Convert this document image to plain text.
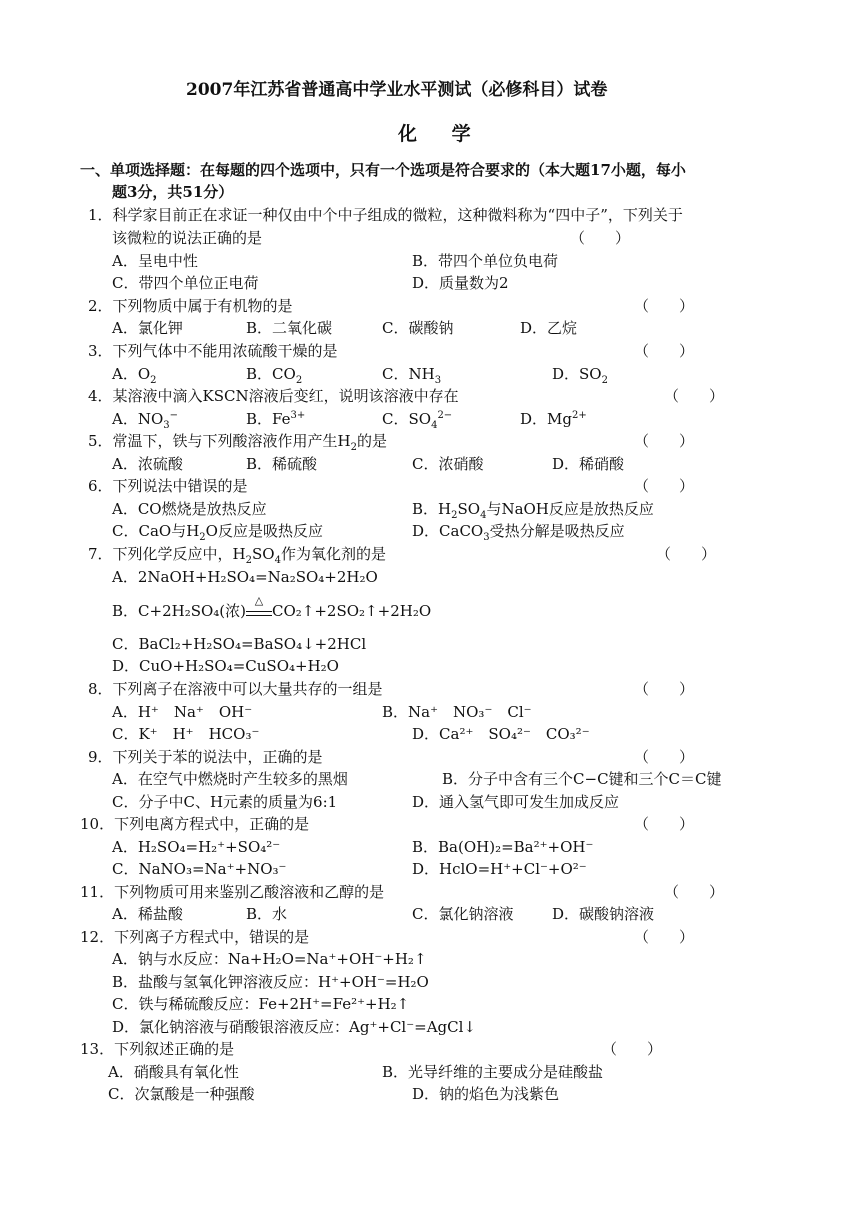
2007年江苏省普通高中学业水平测试（必修科目）试卷
化 学
一、单项选择题：在每题的四个选项中，只有一个选项是符合要求的（本大题17小题，每小
题3分，共51分）
1．科学家目前正在求证一种仅由中个中子组成的微粒，这种微料称为“四中子”，下列关于
该微粒的说法正确的是	（　　）
A．呈电中性	B．带四个单位负电荷
C．带四个单位正电荷	D．质量数为2
2．下列物质中属于有机物的是	（　　）
A．氯化钾	B．二氧化碳	C．碳酸钠	D．乙烷
3．下列气体中不能用浓硫酸干燥的是	（　　）
A．$O_2$	B．$CO_2$	C．$NH_3$	D．$SO_2$
4．某溶液中滴入KSCN溶液后变红，说明该溶液中存在	（　　）
A．$NO_3^-$	B．$Fe^{3+}$	C．$SO_4^{2-}$	D．$Mg^{2+}$
5．常温下，铁与下列酸溶液作用产生$H_2$的是	（　　）
A．浓硫酸	B．稀硫酸	C．浓硝酸	D．稀硝酸
6．下列说法中错误的是	（　　）
A．CO燃烧是放热反应	B．$H_2SO_4$与NaOH反应是放热反应
C．CaO与$H_2O$反应是吸热反应	D．CaCO$_3$受热分解是吸热反应
7．下列化学反应中，$H_2SO_4$作为氧化剂的是	（　　）
A．2NaOH+H₂SO₄=Na₂SO₄+2H₂O
B．C+2H₂SO₄(浓)
△
CO₂↑+2SO₂↑+2H₂O
C．BaCl₂+H₂SO₄=BaSO₄↓+2HCl
D．CuO+H₂SO₄=CuSO₄+H₂O
8．下列离子在溶液中可以大量共存的一组是	（　　）
A．H⁺　Na⁺　OH⁻	B．Na⁺　NO₃⁻　Cl⁻
C．K⁺　H⁺　HCO₃⁻	D．Ca²⁺　SO₄²⁻　CO₃²⁻
9．下列关于苯的说法中，正确的是	（　　）
A．在空气中燃烧时产生较多的黑烟	B．分子中含有三个C−C键和三个C＝C键
C．分子中C、H元素的质量为6:1	D．通入氢气即可发生加成反应
10．下列电离方程式中，正确的是	（　　）
A．H₂SO₄=H₂⁺+SO₄²⁻	B．Ba(OH)₂=Ba²⁺+OH⁻
C．NaNO₃=Na⁺+NO₃⁻	D．HclO=H⁺+Cl⁻+O²⁻
11．下列物质可用来鉴别乙酸溶液和乙醇的是	（　　）
A．稀盐酸	B．水	C．氯化钠溶液	D．碳酸钠溶液
12．下列离子方程式中，错误的是	（　　）
A．钠与水反应：Na+H₂O=Na⁺+OH⁻+H₂↑
B．盐酸与氢氧化钾溶液反应：H⁺+OH⁻=H₂O
C．铁与稀硫酸反应：Fe+2H⁺=Fe²⁺+H₂↑
D．氯化钠溶液与硝酸银溶液反应：Ag⁺+Cl⁻=AgCl↓
13．下列叙述正确的是	（　　）
A．硝酸具有氧化性	B．光导纤维的主要成分是硅酸盐
C．次氯酸是一种强酸	D．钠的焰色为浅紫色
